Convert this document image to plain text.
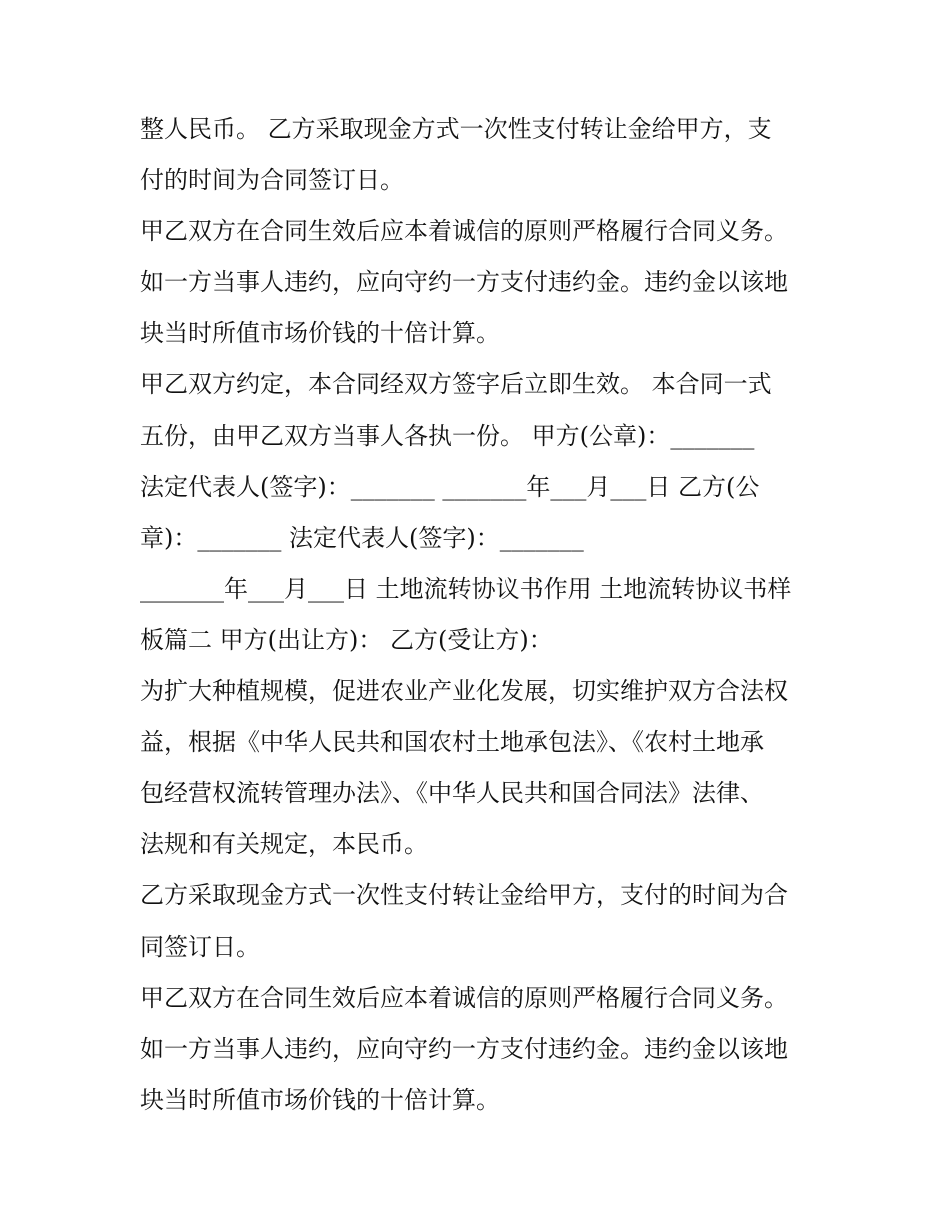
整人民币。 乙方采取现金方式一次性支付转让金给甲方，支
付的时间为合同签订日。
甲乙双方在合同生效后应本着诚信的原则严格履行合同义务。
如一方当事人违约，应向守约一方支付违约金。违约金以该地
块当时所值市场价钱的十倍计算。
甲乙双方约定，本合同经双方签字后立即生效。 本合同一式
五份，由甲乙双方当事人各执一份。 甲方(公章)：_______
法定代表人(签字)：_______ _______年___月___日 乙方(公
章)：_______ 法定代表人(签字)：_______
_______年___月___日 土地流转协议书作用 土地流转协议书样
板篇二 甲方(出让方)： 乙方(受让方)：
为扩大种植规模，促进农业产业化发展，切实维护双方合法权
益，根据《中华人民共和国农村土地承包法》、《农村土地承
包经营权流转管理办法》、《中华人民共和国合同法》法律、
法规和有关规定，本民币。
乙方采取现金方式一次性支付转让金给甲方，支付的时间为合
同签订日。
甲乙双方在合同生效后应本着诚信的原则严格履行合同义务。
如一方当事人违约，应向守约一方支付违约金。违约金以该地
块当时所值市场价钱的十倍计算。
